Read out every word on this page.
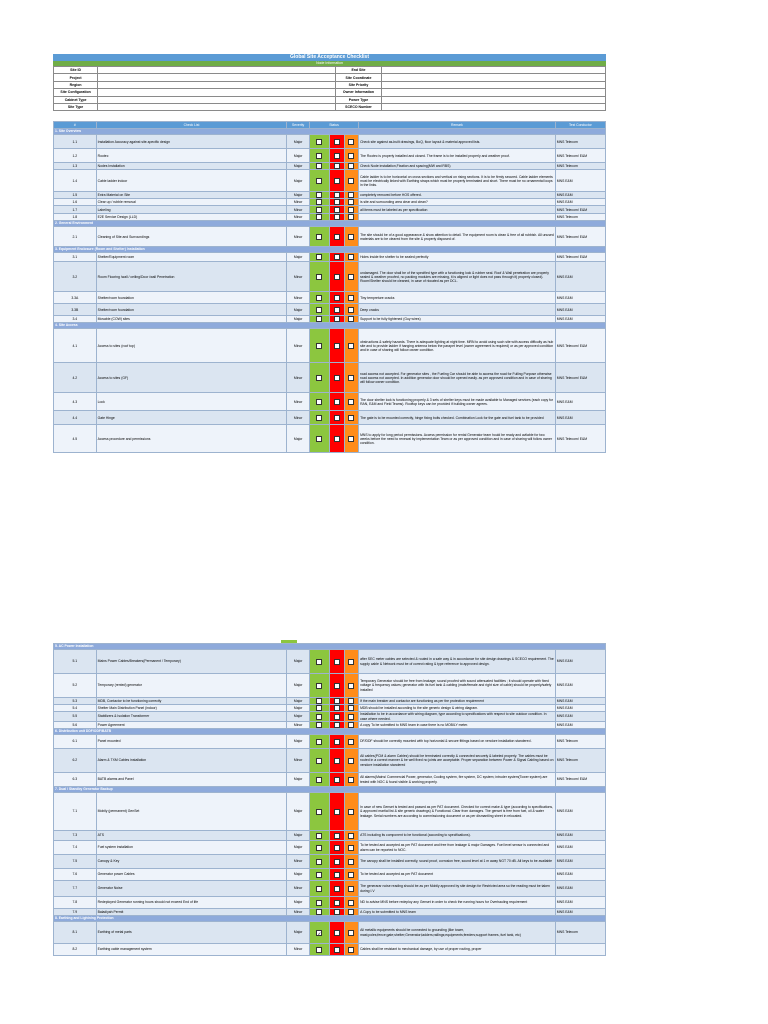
Global Site Acceptance Checklist
Node Information
Site ID		End Site	
Project		Site Coordinate	
Region		Site Priority	
Site Configuration		Owner Information	
Cabinet Type		Power Type	
Site Type		SCECO Number	
#	Check List	Severity	Status			Remark	Test Conductor
1. Site Overview							
1.1	Installation Accuracy against site-specific design	Major				Check site against as-built drawings, BoQ, floor layout & material approved lists.	MNS Telecom
1.2	Rootec	Major				The Rootec is properly installed and closed. The frame is to be installed properly and weather proof.	MNS Telecom/ E&M
1.3	Nodes Installation	Major				Check Node installation,Fixation and spacing(MW and RBS)	MNS Telecom
1.4	Cable ladder indoor	Major				Cable ladder is to be horizontal on cross sections and vertical on rising sections. It is to be firmly secured. Cable ladder elements must be electrically linked with Earthing straps which must be properly terminated and short. There must be no ornamental loops in the links.	MNS E&M
1.5	Extra Material on Site	Major				completely removed before HOS offered.	MNS E&M
1.6	Clear up / rubble removal	Minor				is site and surrounding area clear and clean?	MNS E&M
1.7	Labeling	Minor				all items must be labeled as per specification	MNS Telecom/ E&M
1.8	E2E Service Design (LLD)	Minor					MNS Telecom
2. General Environment							
2.1	Cleaning of Site and Surroundings	Minor				The site should be of a good appearance & show attention to detail. The equipment room is clean & free of all rubbish. All unused materials are to be cleared from the site & properly disposed of.	MNS Telecom/ E&M
3. Equipment Enclosure (Room and Shelter) Installation							
3.1	Shelter/Equipment room	Major				Holes inside the shelter to be sealed perfectly	MNS Telecom/ E&M
3.2	Room Flooring /wall / ceiling/Door /wall Penetration	Minor				undamaged. The door shall be of the specified type with a functioning lock & rubber seal. Roof & Wall penetration are properly sealed & weather proofed, no packing modules are missing, it is aligned or light does not pass through it) properly closed). Room/Shelter should be cleaned, in case of rlocated as per DCL.	MNS E&M
3.3A	Shelter/room foundation	Minor				Tiny tempreture cracks	MNS E&M
3.3B	Shelter/room foundation	Major				Deep cracks	MNS E&M
3.4	Movable (COW) sites	Major				Support to be fully tightened (Guy wires)	MNS E&M
4. Site Access							
4.1	Access to sites (roof top)	Minor				obstructions & safety hazards. There is adequate lighting at night time. MRN to avoid using such site with access difficulty as hub site and to provide ladder if hanging antenna below the parapet level (owner agreement is required) or as per approved condition and in case of sharing will follow owner condition.	MNS Telecom/ E&M
4.2	Access to sites (GF)	Minor				road access not accepted. For generator sites , the Fueling Car should be able to access the road for Fulling Purpose otherwise road access not accepted. In addition generator door should be opened easily. as per approved condition and in case of sharing will follow owner condition.	MNS Telecom/ E&M
4.3	Lock	Minor				The door shelter lock is functioning properly & 3 sets of shelter keys must be made available to Managed services (each copy for RAN, E&M and Field Teams). Rooftop keys can be provided if building owner agrees.	MNS E&M
4.4	Gate Hinge	Minor				The gate is to be mounted correctly, hinge fixing bolts checked. Combination Lock for the gate and fuel tank to be provided	MNS E&M
4.5	Access procedure and permissions	Major				MNS to apply for long period permissions. Access permission for rental Generator team hould be ready and avilable for two weeks before the need to renewal by implementation Team or as per approved condition and in case of sharing will follow owner condition.	MNS Telecom/ E&M
5. AC Power Installation							
5.1	Mains Power Cables/Breakers(Permanent / Temporary)	Major				after SEC meter cables are selected & routed in a safe way & in accordance for site design drawings & SCECO requirement. The supply cable & Network must be of correct rating & type reference to approved design.	MNS E&M
5.2	Temporary (rented) generator	Major				Temporary Generator should be free from leakage; sound proofed with sound attenuated facilities ; it should operate with fixed voltage & frequency values; generator with its fuel tank & cabling (male/female and right size of cable) should be properly/safely installed	MNS E&M
5.3	MDB, Contactor to be functioning correctly	Major				If the main breaker and contactor are functioning as per the protection requirement	MNS E&M
5.4	Shelter Main Distribution Panel (indoor)	Major				MDB should be installed according to the site generic design & wiring diagram.	MNS E&M
5.5	Stabilizers & Isolation Transformer	Major				Installation to be in accordance with wiring diagram, type according to specifications with respect to site outdoor condition. In case where needed.	MNS E&M
5.6	Power Agreement	Minor				A copy To be submitted to MNS team in case there is no MOBILY meter.	MNS E&M
6. Distribution unit DDF/ODF/BATB							
6.1	Panel mounted	Major				DF/DDF should be correctly mounted with top horizontal & secure fittings based on vendore installation standered .	MNS Telecom
6.2	Alarm & TXM Cables installation	Minor				All cables(PCM & alarm Cables) should be terminated correctly & connected securely & labeled properly. The cables must be routed in a correct manner & be well fixed no joints are acceptable. Proper separation between Power & Signal Cabling based on vendore installation standered	MNS Telecom
6.3	BATB alarms and Panel	Major				All alarms(Mains/ Commercial Power, generator, Cooling system, fire system, DC system; intruder system(Tower system) are tested with NOC & found visible & working properly.	MNS Telecom/ E&M
7. Dual / Standby Generator Backup							
7.1	Mobily (permanent) GenSet	Major				In case of new Genset is tested and passed as per PAT document. Checked for correct make & type (according to specifications, & approved martial list & site generic drawings) & Functional. Clear from damages. The genset is free from fuel, oil & water leakage. Serial numbers are according to commissioning document or as per dismantling sheet in relocated.	MNS E&M
7.3	ATS	Major				ATS including its component to be functional (according to specifications).	MNS E&M
7.4	Fuel system installation	Major				To be tested and accepted as per PAT document and free from leakage & major Damages. Fuel level sensor is connected and alarm can be reported to NOC.	MNS E&M
7.5	Canopy & Key	Minor				The canopy shall be installed correctly, sound proof, corrosion free, sound level at 1 m away NGT 70 dB. All keys to be available	MNS E&M
7.6	Generator power Cables	Major				To be tested and accepted as per PAT document	MNS E&M
7.7	Generator Noise	Minor				The generarar noise reading should be as per Mobily approved by site design for Restricted area so the reading must be taken during I.V	MNS E&M
7.8	Redeployed Generator running hours should not exceed End of life	Major				ND to advise MNS before redeploy any Genset in order to check the running hours for Overhauling requirement	MNS E&M
7.9	Baladiyah Permit	Minor				A Copy to be submitted to MNS team	MNS E&M
8. Earthing and Lightning Protection							
8.1	Earthing of metal parts	Major	✓			All metallic equipments should be connected to grounding (like tower, mast;poles;fence;gate;shelter;Generator;ladders;railings;equipments;feeders;support frames, fuel tank, etc)	MNS Telecom
8.2	Earthing cable management system	Minor				Cables shall be resistant to mechanical damage, by use of proper routing, proper	
